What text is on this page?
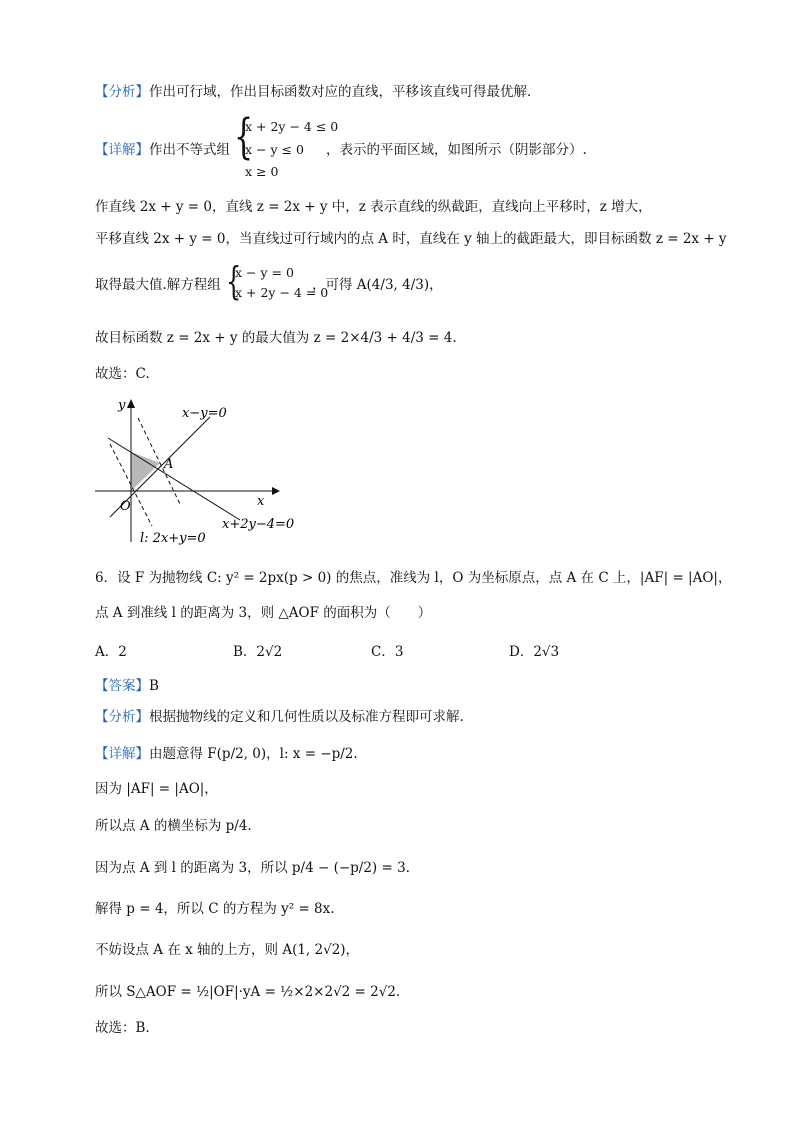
【分析】作出可行域，作出目标函数对应的直线，平移该直线可得最优解．
【详解】作出不等式组 {
x + 2y − 4 ≤ 0
x − y ≤ 0
x ≥ 0
，表示的平面区域，如图所示（阴影部分）.
作直线 2x + y = 0，直线 z = 2x + y 中，z 表示直线的纵截距，直线向上平移时，z 增大，
平移直线 2x + y = 0，当直线过可行域内的点 A 时，直线在 y 轴上的截距最大，即目标函数 z = 2x + y
取得最大值.解方程组 {
x − y = 0
x + 2y − 4 = 0
，可得 A(4/3, 4/3)，
故目标函数 z = 2x + y 的最大值为 z = 2×4/3 + 4/3 = 4.
故选：C.
y
x
O
A
x−y=0
x+2y−4=0
l: 2x+y=0
6．设 F 为抛物线 C: y² = 2px(p > 0) 的焦点，准线为 l，O 为坐标原点，点 A 在 C 上，|AF| = |AO|，
点 A 到准线 l 的距离为 3，则 △AOF 的面积为（　　）
A．2	B．2√2	C．3	D．2√3
【答案】B
【分析】根据抛物线的定义和几何性质以及标准方程即可求解.
【详解】由题意得 F(p/2, 0)，l: x = −p/2.
因为 |AF| = |AO|，
所以点 A 的横坐标为 p/4.
因为点 A 到 l 的距离为 3，所以 p/4 − (−p/2) = 3.
解得 p = 4，所以 C 的方程为 y² = 8x.
不妨设点 A 在 x 轴的上方，则 A(1, 2√2)，
所以 S△AOF = ½|OF|·yA = ½×2×2√2 = 2√2.
故选：B.
